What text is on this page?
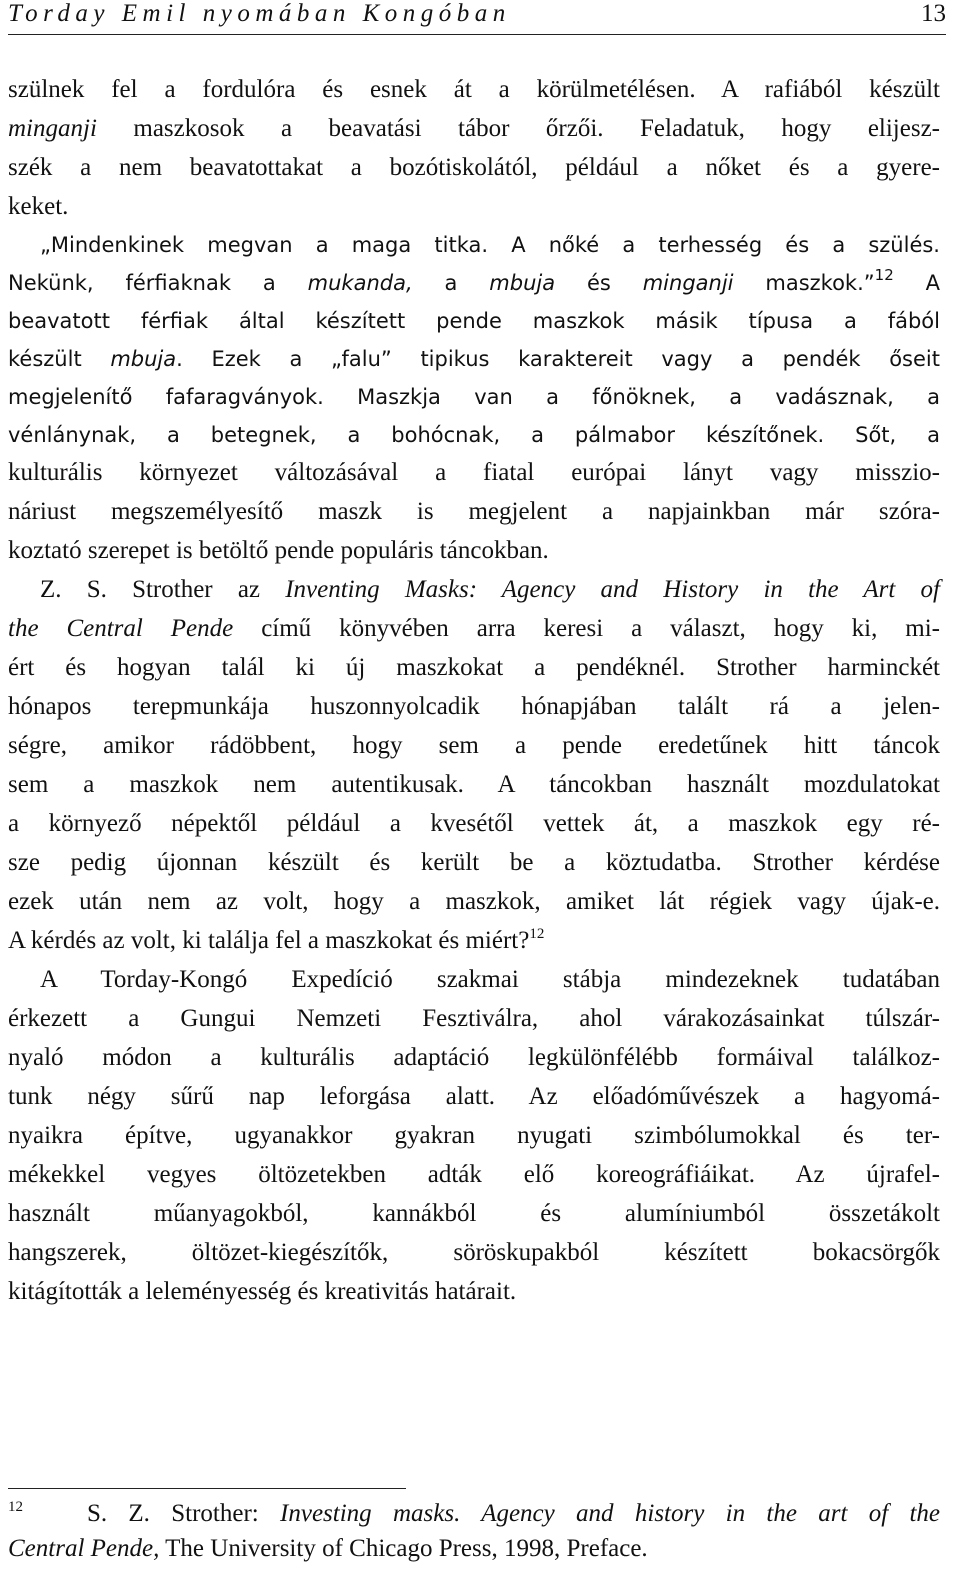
Torday Emil nyomában Kongóban	13
szülnek fel a fordulóra és esnek át a körülmetélésen. A rafiából készült
minganji maszkosok a beavatási tábor őrzői. Feladatuk, hogy elijesz-
szék a nem beavatottakat a bozótiskolától, például a nőket és a gyere-
keket.
„Mindenkinek megvan a maga titka. A nőké a terhesség és a szülés.
Nekünk, férfiaknak a mukanda, a mbuja és minganji maszkok.”$^{12}$ A
beavatott férfiak által készített pende maszkok másik típusa a fából
készült mbuja. Ezek a „falu” tipikus karaktereit vagy a pendék őseit
megjelenítő fafaragványok. Maszkja van a főnöknek, a vadásznak, a
vénlánynak, a betegnek, a bohócnak, a pálmabor készítőnek. Sőt, a
kulturális környezet változásával a fiatal európai lányt vagy misszio-
náriust megszemélyesítő maszk is megjelent a napjainkban már szóra-
koztató szerepet is betöltő pende populáris táncokban.
Z. S. Strother az Inventing Masks: Agency and History in the Art of
the Central Pende című könyvében arra keresi a választ, hogy ki, mi-
ért és hogyan talál ki új maszkokat a pendéknél. Strother harminckét
hónapos terepmunkája huszonnyolcadik hónapjában talált rá a jelen-
ségre, amikor rádöbbent, hogy sem a pende eredetűnek hitt táncok
sem a maszkok nem autentikusak. A táncokban használt mozdulatokat
a környező népektől például a kvesétől vettek át, a maszkok egy ré-
sze pedig újonnan készült és került be a köztudatba. Strother kérdése
ezek után nem az volt, hogy a maszkok, amiket lát régiek vagy újak-e.
A kérdés az volt, ki találja fel a maszkokat és miért?$^{12}$
A Torday-Kongó Expedíció szakmai stábja mindezeknek tudatában
érkezett a Gungui Nemzeti Fesztiválra, ahol várakozásainkat túlszár-
nyaló módon a kulturális adaptáció legkülönfélébb formáival találkoz-
tunk négy sűrű nap leforgása alatt. Az előadóművészek a hagyomá-
nyaikra építve, ugyanakkor gyakran nyugati szimbólumokkal és ter-
mékekkel vegyes öltözetekben adták elő koreográfiáikat. Az újrafel-
használt műanyagokból, kannákból és alumíniumból összetákolt
hangszerek, öltözet-kiegészítők, söröskupakból készített bokacsörgők
kitágították a leleményesség és kreativitás határait.
$^{12}$	S. Z. Strother: Investing masks. Agency and history in the art of the
Central Pende, The University of Chicago Press, 1998, Preface.
